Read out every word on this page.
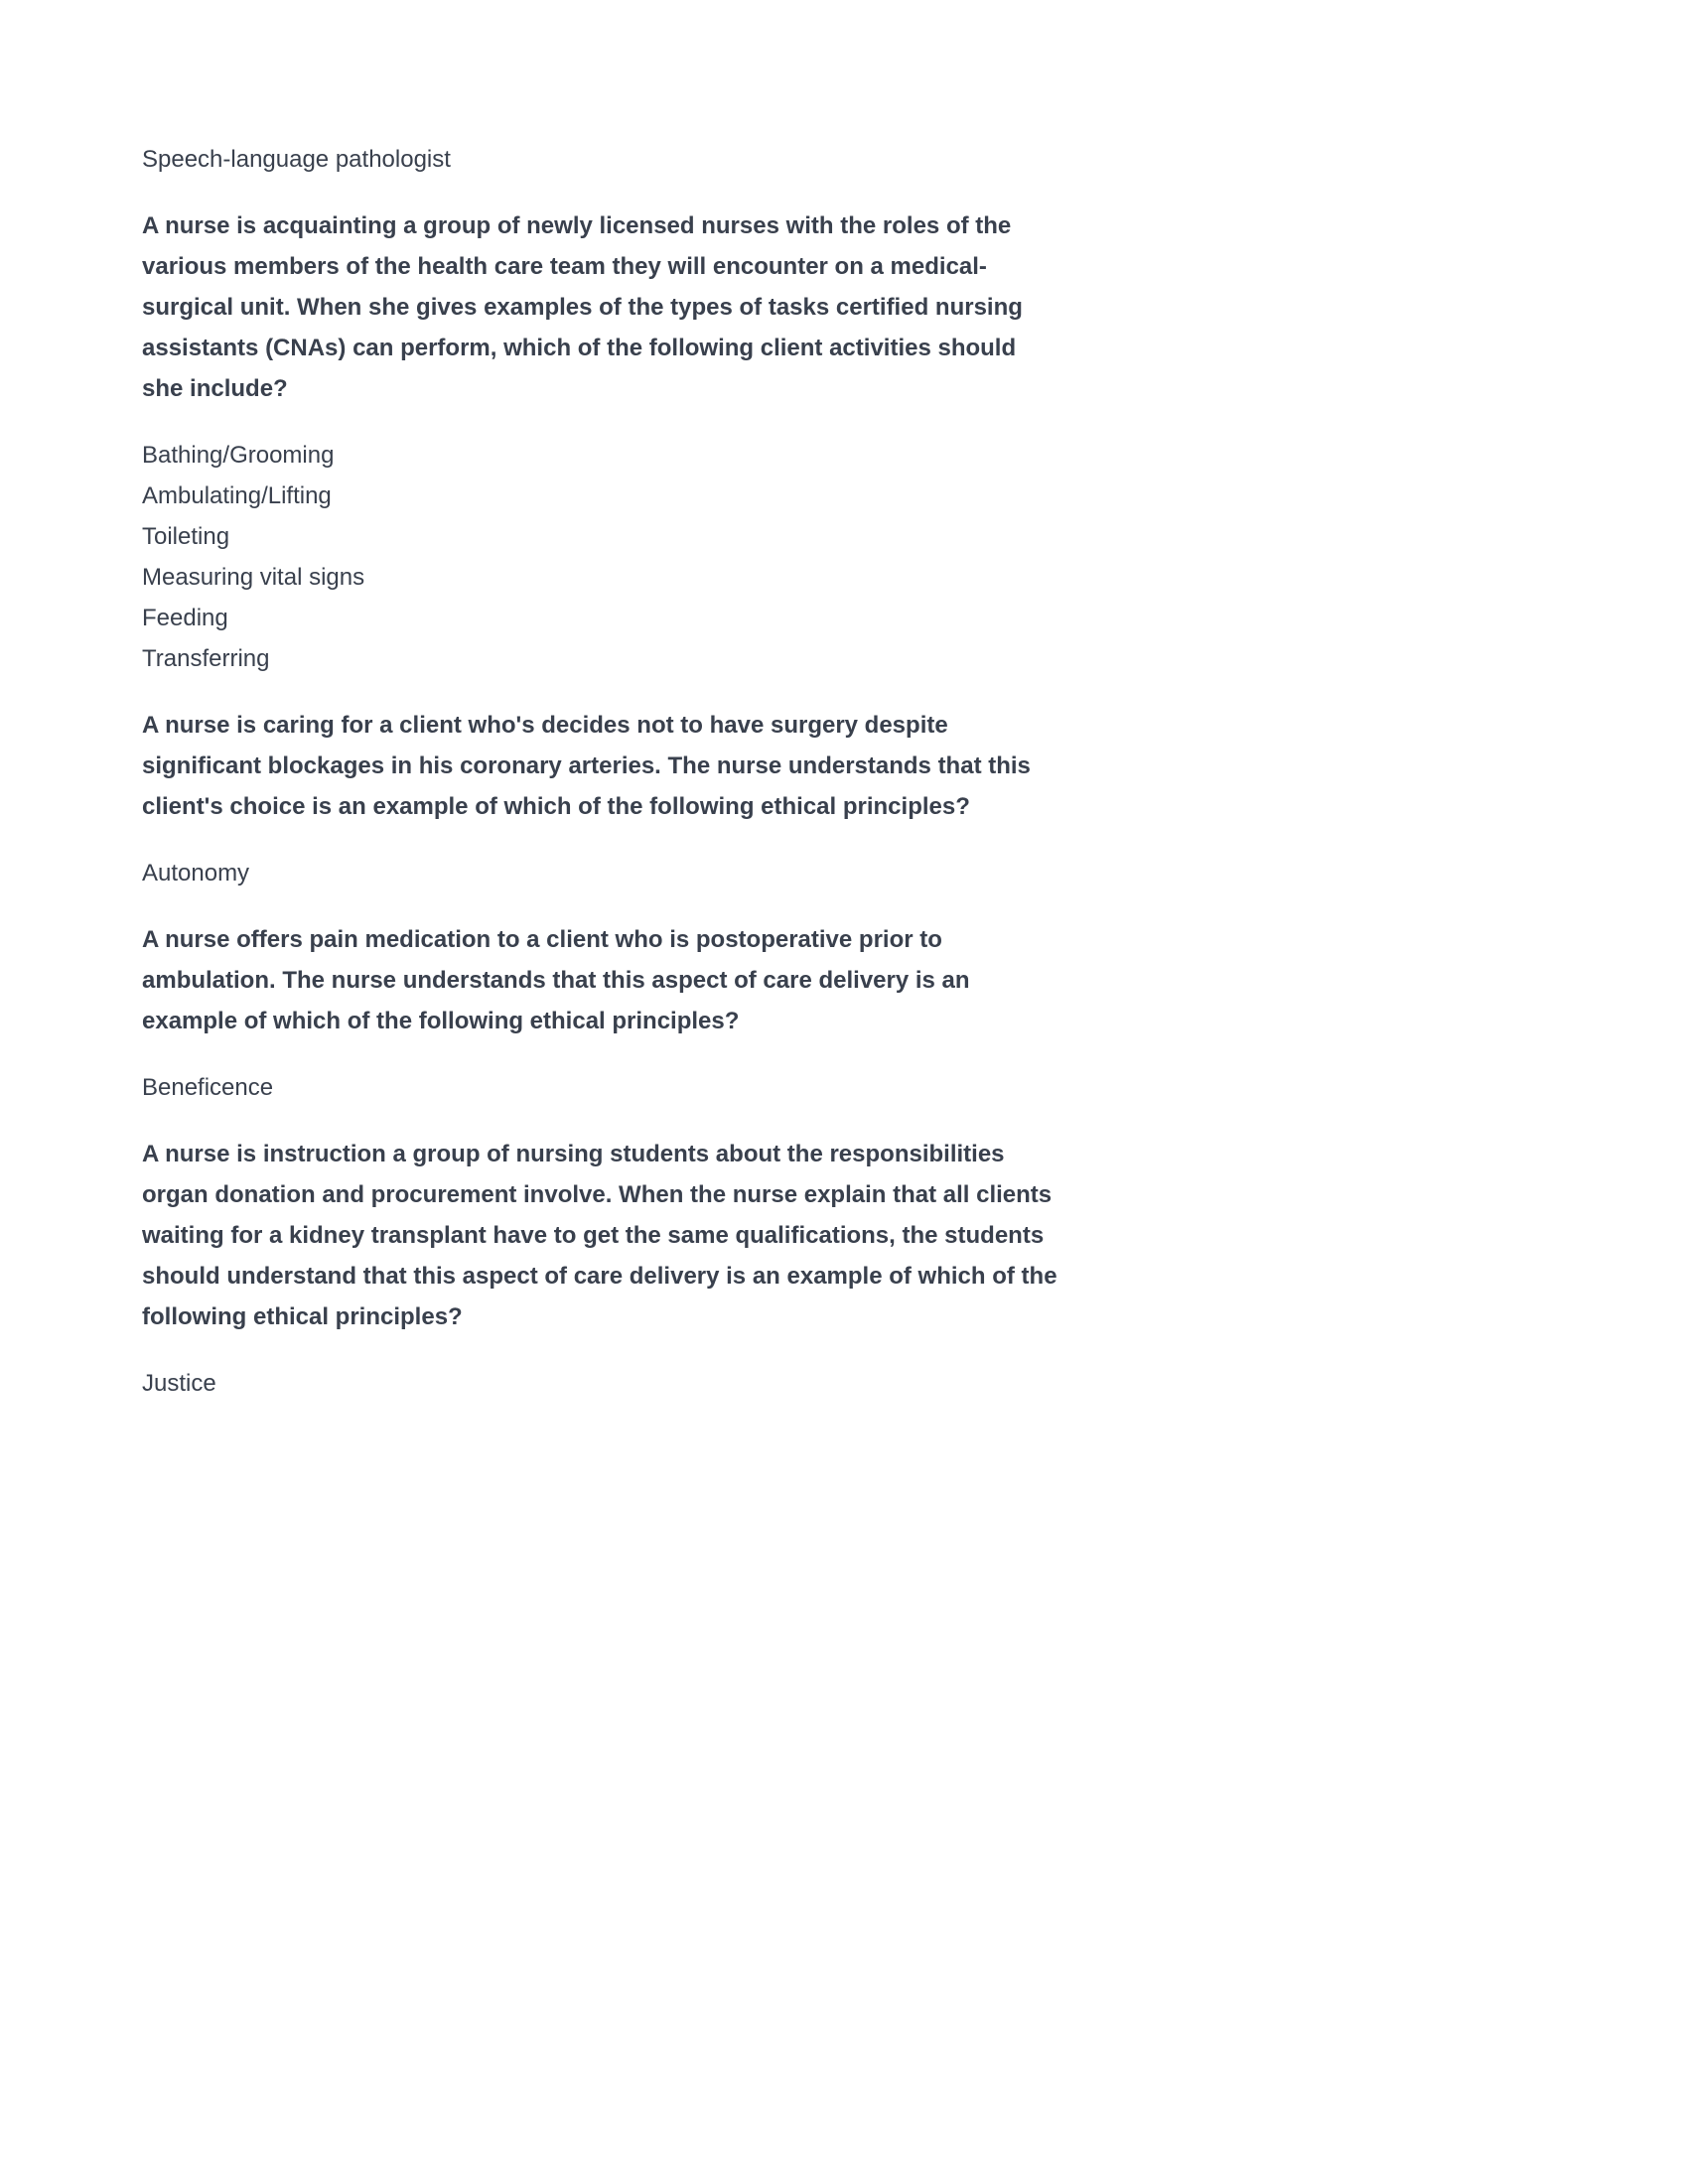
Speech-language pathologist

A nurse is acquainting a group of newly licensed nurses with the roles of the various members of the health care team they will encounter on a medical-surgical unit. When she gives examples of the types of tasks certified nursing assistants (CNAs) can perform, which of the following client activities should she include?

Bathing/Grooming
Ambulating/Lifting
Toileting
Measuring vital signs
Feeding
Transferring

A nurse is caring for a client who's decides not to have surgery despite significant blockages in his coronary arteries. The nurse understands that this client's choice is an example of which of the following ethical principles?

Autonomy

A nurse offers pain medication to a client who is postoperative prior to ambulation. The nurse understands that this aspect of care delivery is an example of which of the following ethical principles?

Beneficence

A nurse is instruction a group of nursing students about the responsibilities organ donation and procurement involve. When the nurse explain that all clients waiting for a kidney transplant have to get the same qualifications, the students should understand that this aspect of care delivery is an example of which of the following ethical principles?

Justice
